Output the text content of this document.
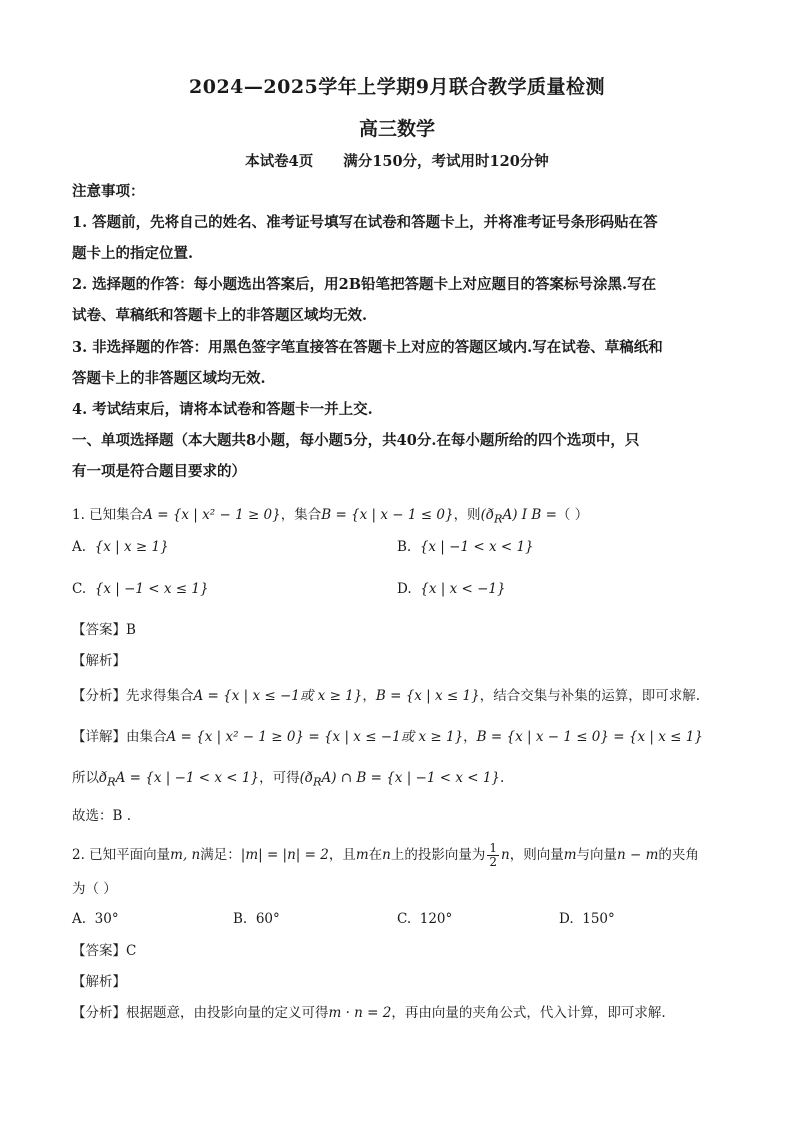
2024—2025学年上学期9月联合教学质量检测
高三数学
本试卷4页 满分150分，考试用时120分钟
注意事项：
1. 答题前，先将自己的姓名、准考证号填写在试卷和答题卡上，并将准考证号条形码贴在答
题卡上的指定位置.
2. 选择题的作答：每小题选出答案后，用2B铅笔把答题卡上对应题目的答案标号涂黑.写在
试卷、草稿纸和答题卡上的非答题区域均无效.
3. 非选择题的作答：用黑色签字笔直接答在答题卡上对应的答题区域内.写在试卷、草稿纸和
答题卡上的非答题区域均无效.
4. 考试结束后，请将本试卷和答题卡一并上交.
一、单项选择题（本大题共8小题，每小题5分，共40分.在每小题所给的四个选项中，只
有一项是符合题目要求的）
1. 已知集合A = {x | x² − 1 ≥ 0}，集合B = {x | x − 1 ≤ 0}，则$(ð_RA)$ I B =（ ）
A. {x | x ≥ 1}	B. {x | −1 < x < 1}
C. {x | −1 < x ≤ 1}	D. {x | x < −1}
【答案】B
【解析】
【分析】先求得集合A = {x | x ≤ −1或 x ≥ 1}，B = {x | x ≤ 1}，结合交集与补集的运算，即可求解.
【详解】由集合A = {x | x² − 1 ≥ 0} = {x | x ≤ −1或 x ≥ 1}，B = {x | x − 1 ≤ 0} = {x | x ≤ 1}
所以$ð_RA = \{x$ | −1 < x < 1}，可得$(ð_RA)$ ∩ B = {x | −1 < x < 1}.
故选：B .
2. 已知平面向量m, n满足：|m| = |n| = 2，且m在n上的投影向量为 $\frac{1}{2}$ n，则向量m与向量n − m的夹角
为（ ）
A. 30°	B. 60°	C. 120°	D. 150°
【答案】C
【解析】
【分析】根据题意，由投影向量的定义可得m · n = 2，再由向量的夹角公式，代入计算，即可求解.
